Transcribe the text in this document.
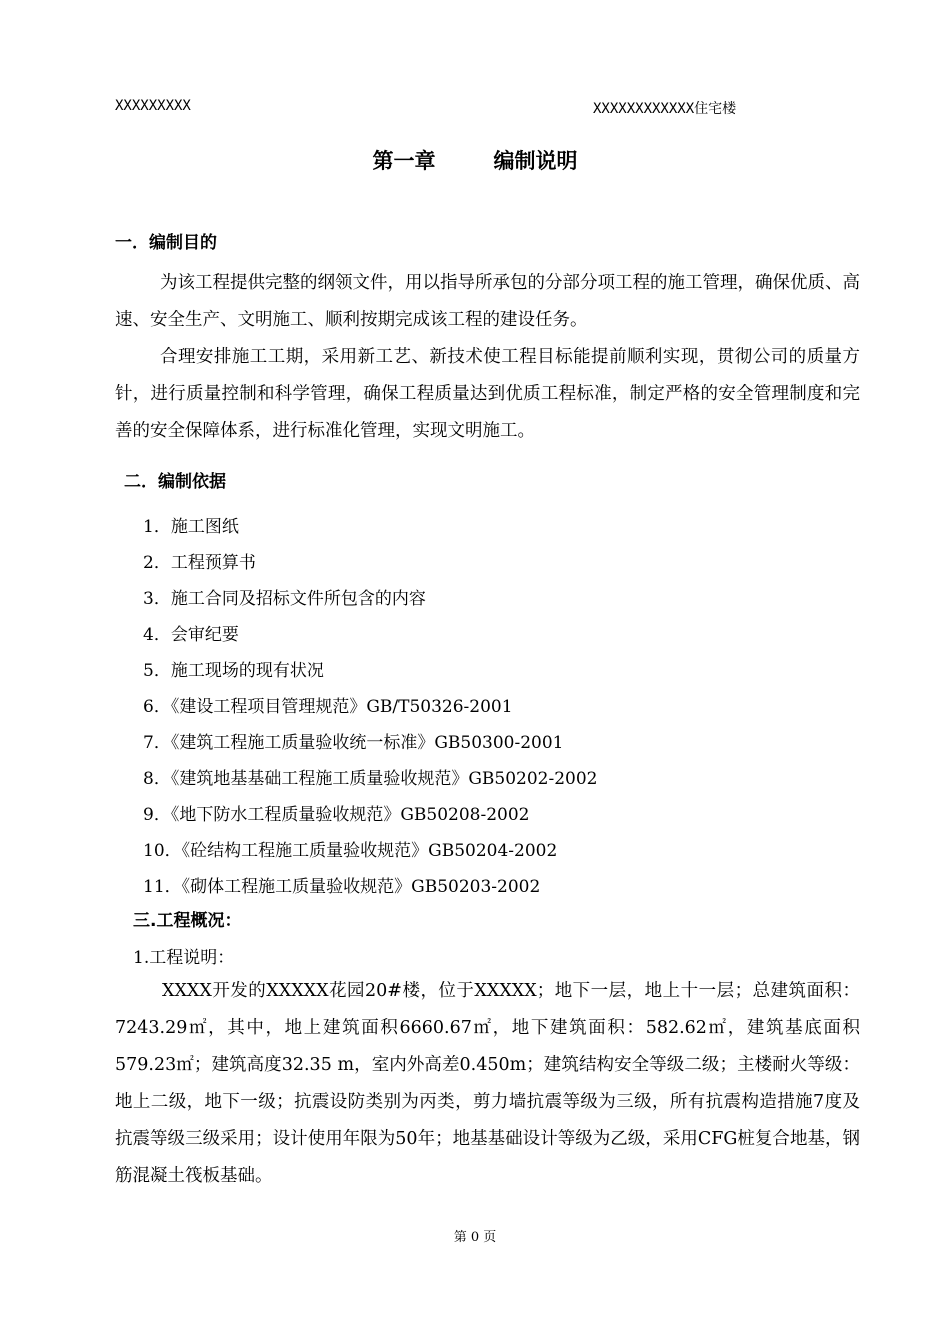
XXXXXXXXX	XXXXXXXXXXXX住宅楼
第一章	编制说明
一．编制目的
为该工程提供完整的纲领文件，用以指导所承包的分部分项工程的施工管理，确保优质、高速、安全生产、文明施工、顺利按期完成该工程的建设任务。
合理安排施工工期，采用新工艺、新技术使工程目标能提前顺利实现，贯彻公司的质量方针，进行质量控制和科学管理，确保工程质量达到优质工程标准，制定严格的安全管理制度和完善的安全保障体系，进行标准化管理，实现文明施工。
二．编制依据
1．施工图纸
2．工程预算书
3．施工合同及招标文件所包含的内容
4．会审纪要
5．施工现场的现有状况
6．《建设工程项目管理规范》GB/T50326-2001
7．《建筑工程施工质量验收统一标准》GB50300-2001
8．《建筑地基基础工程施工质量验收规范》GB50202-2002
9．《地下防水工程质量验收规范》GB50208-2002
10．《砼结构工程施工质量验收规范》GB50204-2002
11．《砌体工程施工质量验收规范》GB50203-2002
三.工程概况：
1.工程说明：
XXXX开发的XXXXX花园20#楼，位于XXXXX；地下一层，地上十一层；总建筑面积：7243.29㎡，其中，地上建筑面积6660.67㎡，地下建筑面积：582.62㎡，建筑基底面积579.23㎡；建筑高度32.35 m，室内外高差0.450m；建筑结构安全等级二级；主楼耐火等级：地上二级，地下一级；抗震设防类别为丙类，剪力墙抗震等级为三级，所有抗震构造措施7度及抗震等级三级采用；设计使用年限为50年；地基基础设计等级为乙级，采用CFG桩复合地基，钢筋混凝土筏板基础。
第 0 页
